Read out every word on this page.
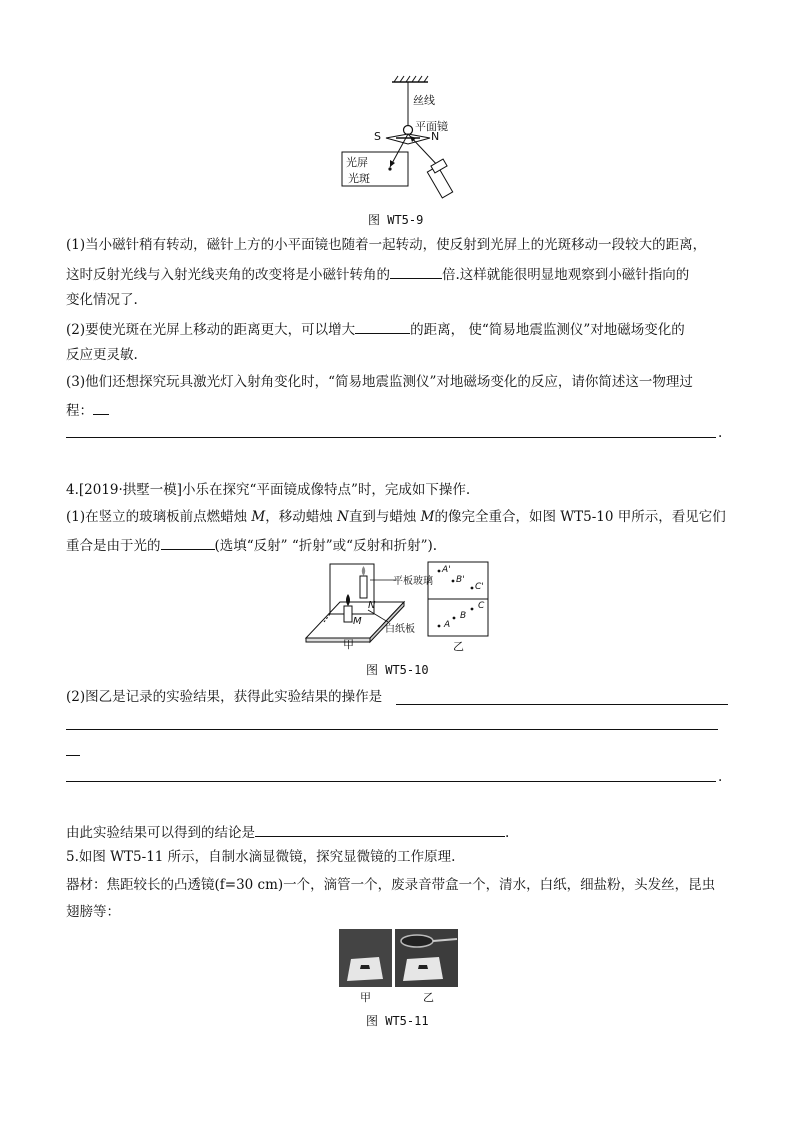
丝线
平面镜
S	N
光屏
光斑
图 WT5-9
(1)当小磁针稍有转动，磁针上方的小平面镜也随着一起转动，使反射到光屏上的光斑移动一段较大的距离，
这时反射光线与入射光线夹角的改变将是小磁针转角的	倍.这样就能很明显地观察到小磁针指向的
变化情况了.
(2)要使光斑在光屏上移动的距离更大，可以增大	的距离， 使“简易地震监测仪”对地磁场变化的
反应更灵敏.
(3)他们还想探究玩具激光灯入射角变化时，“简易地震监测仪”对地磁场变化的反应，请你简述这一物理过
程：
.
4.[2019·拱墅一模]小乐在探究“平面镜成像特点”时，完成如下操作.
(1)在竖立的玻璃板前点燃蜡烛 M，移动蜡烛 N直到与蜡烛 M的像完全重合，如图 WT5-10 甲所示，看见它们
重合是由于光的	(选填“反射” “折射”或“反射和折射”).
平板玻璃
N
M
白纸板
A'
B'
C'
C
B
A
甲	乙
图 WT5-10
(2)图乙是记录的实验结果，获得此实验结果的操作是
.
由此实验结果可以得到的结论是	.
5.如图 WT5-11 所示，自制水滴显微镜，探究显微镜的工作原理.
器材：焦距较长的凸透镜(f=30 cm)一个，滴管一个，废录音带盒一个，清水，白纸，细盐粉，头发丝，昆虫
翅膀等：
甲	乙
图 WT5-11
